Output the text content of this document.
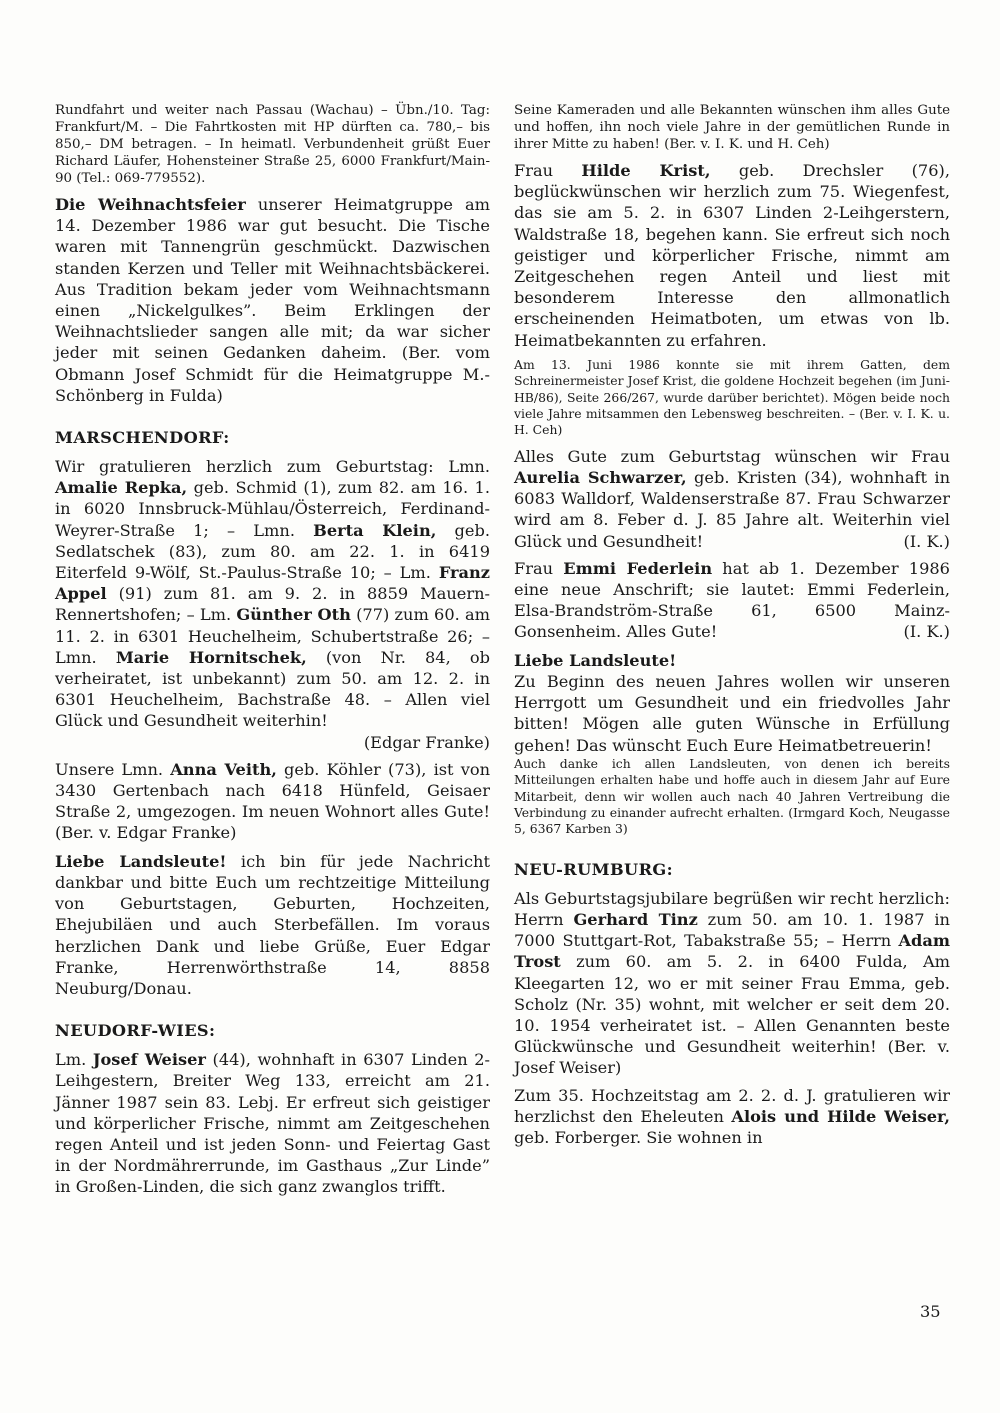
Rundfahrt und weiter nach Passau (Wachau) – Übn./10. Tag: Frankfurt/M. – Die Fahrtkosten mit HP dürften ca. 780,– bis 850,– DM betragen. – In heimatl. Verbundenheit grüßt Euer Richard Läufer, Hohensteiner Straße 25, 6000 Frankfurt/Main-90 (Tel.: 069-779552).

Die Weihnachtsfeier unserer Heimatgruppe am 14. Dezember 1986 war gut besucht. Die Tische waren mit Tannengrün geschmückt. Dazwischen standen Kerzen und Teller mit Weihnachtsbäckerei. Aus Tradition bekam jeder vom Weihnachtsmann einen „Nickelgulkes”. Beim Erklingen der Weihnachtslieder sangen alle mit; da war sicher jeder mit seinen Gedanken daheim. (Ber. vom Obmann Josef Schmidt für die Heimatgruppe M.-Schönberg in Fulda)

MARSCHENDORF:

Wir gratulieren herzlich zum Geburtstag: Lmn. Amalie Repka, geb. Schmid (1), zum 82. am 16. 1. in 6020 Innsbruck-Mühlau/Österreich, Ferdinand-Weyrer-Straße 1; – Lmn. Berta Klein, geb. Sedlatschek (83), zum 80. am 22. 1. in 6419 Eiterfeld 9-Wölf, St.-Paulus-Straße 10; – Lm. Franz Appel (91) zum 81. am 9. 2. in 8859 Mauern-Rennertshofen; – Lm. Günther Oth (77) zum 60. am 11. 2. in 6301 Heuchelheim, Schubertstraße 26; – Lmn. Marie Hornitschek, (von Nr. 84, ob verheiratet, ist unbekannt) zum 50. am 12. 2. in 6301 Heuchelheim, Bachstraße 48. – Allen viel Glück und Gesundheit weiterhin!
(Edgar Franke)

Unsere Lmn. Anna Veith, geb. Köhler (73), ist von 3430 Gertenbach nach 6418 Hünfeld, Geisaer Straße 2, umgezogen. Im neuen Wohnort alles Gute! (Ber. v. Edgar Franke)

Liebe Landsleute! ich bin für jede Nachricht dankbar und bitte Euch um rechtzeitige Mitteilung von Geburtstagen, Geburten, Hochzeiten, Ehejubiläen und auch Sterbefällen. Im voraus herzlichen Dank und liebe Grüße, Euer Edgar Franke, Herrenwörthstraße 14, 8858 Neuburg/Donau.

NEUDORF-WIES:

Lm. Josef Weiser (44), wohnhaft in 6307 Linden 2-Leihgestern, Breiter Weg 133, erreicht am 21. Jänner 1987 sein 83. Lebj. Er erfreut sich geistiger und körperlicher Frische, nimmt am Zeitgeschehen regen Anteil und ist jeden Sonn- und Feiertag Gast in der Nordmährerrunde, im Gasthaus „Zur Linde” in Großen-Linden, die sich ganz zwanglos trifft.

Seine Kameraden und alle Bekannten wünschen ihm alles Gute und hoffen, ihn noch viele Jahre in der gemütlichen Runde in ihrer Mitte zu haben! (Ber. v. I. K. und H. Ceh)

Frau Hilde Krist, geb. Drechsler (76), beglückwünschen wir herzlich zum 75. Wiegenfest, das sie am 5. 2. in 6307 Linden 2-Leihgerstern, Waldstraße 18, begehen kann. Sie erfreut sich noch geistiger und körperlicher Frische, nimmt am Zeitgeschehen regen Anteil und liest mit besonderem Interesse den allmonatlich erscheinenden Heimatboten, um etwas von lb. Heimatbekannten zu erfahren.

Am 13. Juni 1986 konnte sie mit ihrem Gatten, dem Schreinermeister Josef Krist, die goldene Hochzeit begehen (im Juni-HB/86), Seite 266/267, wurde darüber berichtet). Mögen beide noch viele Jahre mitsammen den Lebensweg beschreiten. – (Ber. v. I. K. u. H. Ceh)

Alles Gute zum Geburtstag wünschen wir Frau Aurelia Schwarzer, geb. Kristen (34), wohnhaft in 6083 Walldorf, Waldenserstraße 87. Frau Schwarzer wird am 8. Feber d. J. 85 Jahre alt. Weiterhin viel Glück und Gesundheit!	(I. K.)

Frau Emmi Federlein hat ab 1. Dezember 1986 eine neue Anschrift; sie lautet: Emmi Federlein, Elsa-Brandström-Straße 61, 6500 Mainz-Gonsenheim. Alles Gute!	(I. K.)

Liebe Landsleute!

Zu Beginn des neuen Jahres wollen wir unseren Herrgott um Gesundheit und ein friedvolles Jahr bitten! Mögen alle guten Wünsche in Erfüllung gehen! Das wünscht Euch Eure Heimatbetreuerin!

Auch danke ich allen Landsleuten, von denen ich bereits Mitteilungen erhalten habe und hoffe auch in diesem Jahr auf Eure Mitarbeit, denn wir wollen auch nach 40 Jahren Vertreibung die Verbindung zu einander aufrecht erhalten. (Irmgard Koch, Neugasse 5, 6367 Karben 3)

NEU-RUMBURG:

Als Geburtstagsjubilare begrüßen wir recht herzlich: Herrn Gerhard Tinz zum 50. am 10. 1. 1987 in 7000 Stuttgart-Rot, Tabakstraße 55; – Herrn Adam Trost zum 60. am 5. 2. in 6400 Fulda, Am Kleegarten 12, wo er mit seiner Frau Emma, geb. Scholz (Nr. 35) wohnt, mit welcher er seit dem 20. 10. 1954 verheiratet ist. – Allen Genannten beste Glückwünsche und Gesundheit weiterhin! (Ber. v. Josef Weiser)

Zum 35. Hochzeitstag am 2. 2. d. J. gratulieren wir herzlichst den Eheleuten Alois und Hilde Weiser, geb. Forberger. Sie wohnen in

35
